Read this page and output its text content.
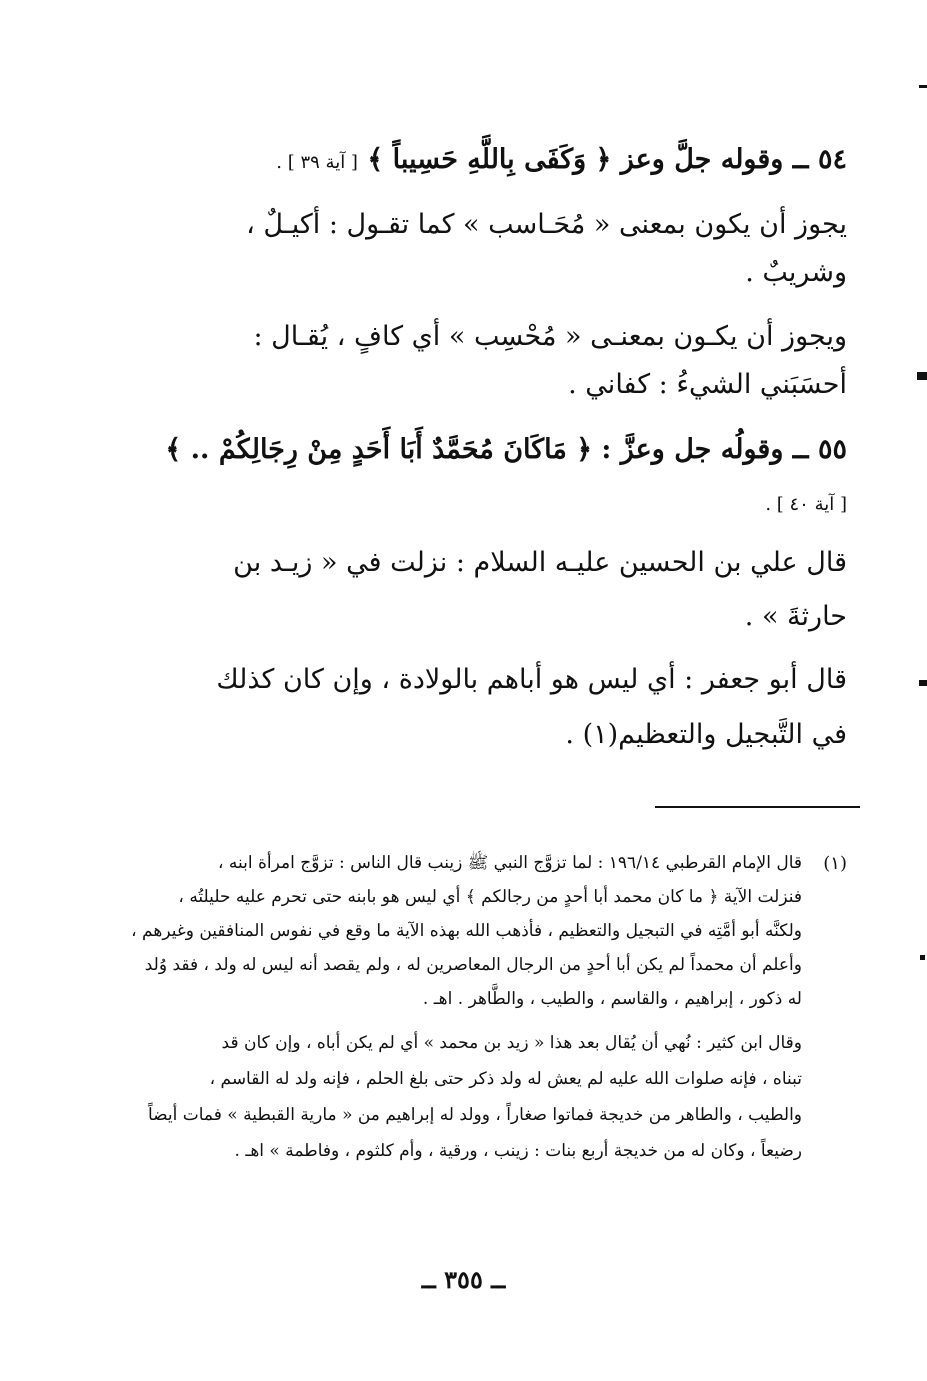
٥٤ ــ وقوله جلَّ وعز ﴿ وَكَفَى بِاللَّهِ حَسِيباً ﴾ [ آية ٣٩ ] .
يجوز أن يكون بمعنى « مُحَـاسب » كما تقـول : أكيـلٌ ،
وشريبٌ .
ويجوز أن يكـون بمعنـى « مُحْسِب » أي كافٍ ، يُقـال :
أحسَبَني الشيءُ : كفاني .
٥٥ ــ وقولُه جل وعزَّ : ﴿ مَاكَانَ مُحَمَّدٌ أَبَا أَحَدٍ مِنْ رِجَالِكُمْ .. ﴾
[ آية ٤٠ ] .
قال علي بن الحسين عليـه السلام : نزلت في « زيـد بن
حارثةَ » .
قال أبو جعفر : أي ليس هو أباهم بالولادة ، وإن كان كذلك
في التَّبجيل والتعظيم(١) .
(١)
قال الإمام القرطبي ١٩٦/١٤ : لما تزوَّج النبي ﷺ زينب قال الناس : تزوَّج امرأة ابنه ،
فنزلت الآية ﴿ ما كان محمد أبا أحدٍ من رجالكم ﴾ أي ليس هو بابنه حتى تحرم عليه حليلتُه ،
ولكنَّه أبو أمَّتِه في التبجيل والتعظيم ، فأذهب الله بهذه الآية ما وقع في نفوس المنافقين وغيرهم ،
وأعلم أن محمداً لم يكن أبا أحدٍ من الرجال المعاصرين له ، ولم يقصد أنه ليس له ولد ، فقد وُلد
له ذكور ، إبراهيم ، والقاسم ، والطيب ، والطَّاهر . اهـ .
وقال ابن كثير : نُهي أن يُقال بعد هذا « زيد بن محمد » أي لم يكن أباه ، وإن كان قد
تبناه ، فإنه صلوات الله عليه لم يعش له ولد ذكر حتى بلغ الحلم ، فإنه ولد له القاسم ،
والطيب ، والطاهر من خديجة فماتوا صغاراً ، وولد له إبراهيم من « مارية القبطية » فمات أيضاً
رضيعاً ، وكان له من خديجة أربع بنات : زينب ، ورقية ، وأم كلثوم ، وفاطمة » اهـ .
ــ ٣٥٥ ــ
